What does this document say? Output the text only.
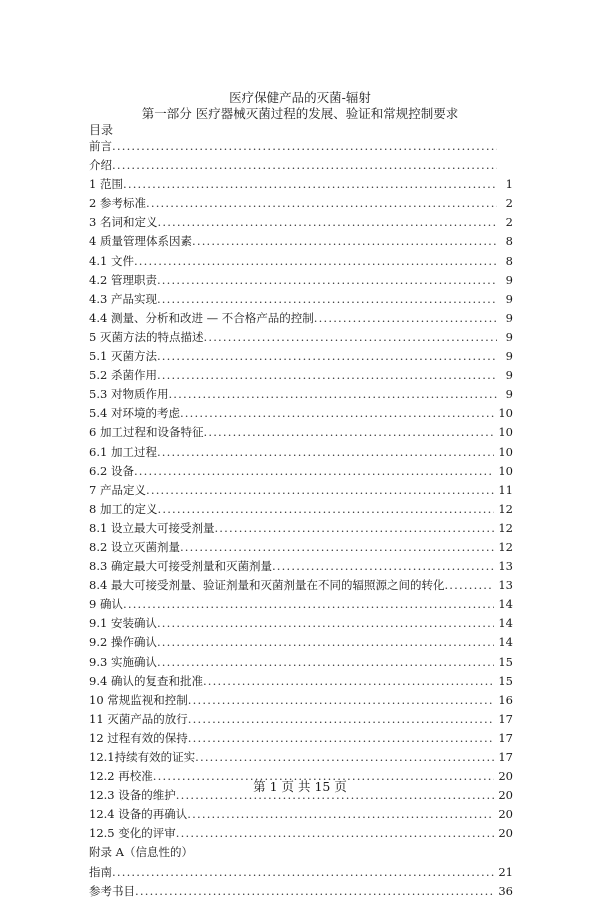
医疗保健产品的灭菌-辐射
第一部分 医疗器械灭菌过程的发展、验证和常规控制要求
目录
前言
.....
介绍
.....
1 范围 .....	1
2 参考标准 .....	2
3 名词和定义 .....	2
4 质量管理体系因素 .....	8
4.1 文件 .....	8
4.2 管理职责 .....	9
4.3 产品实现 .....	9
4.4 测量、分析和改进 — 不合格产品的控制 .....	9
5 灭菌方法的特点描述 .....	9
5.1 灭菌方法 .....	9
5.2 杀菌作用 .....	9
5.3 对物质作用 .....	9
5.4 对环境的考虑 .....	10
6 加工过程和设备特征 .....	10
6.1 加工过程 .....	10
6.2 设备 .....	10
7 产品定义 .....	11
8 加工的定义 .....	12
8.1 设立最大可接受剂量 .....	12
8.2 设立灭菌剂量 .....	12
8.3 确定最大可接受剂量和灭菌剂量 .....	13
8.4 最大可接受剂量、验证剂量和灭菌剂量在不同的辐照源之间的转化 .....	13
9 确认 .....	14
9.1 安装确认 .....	14
9.2 操作确认 .....	14
9.3 实施确认 .....	15
9.4 确认的复查和批准 .....	15
10 常规监视和控制 .....	16
11 灭菌产品的放行 .....	17
12 过程有效的保持 .....	17
12.1持续有效的证实 .....	17
12.2 再校准 .....	20
12.3 设备的维护 .....	20
12.4 设备的再确认 .....	20
12.5 变化的评审 .....	20
附录 A（信息性的）
指南 .....	21
参考书目 .....	36
第 1 页 共 15 页
